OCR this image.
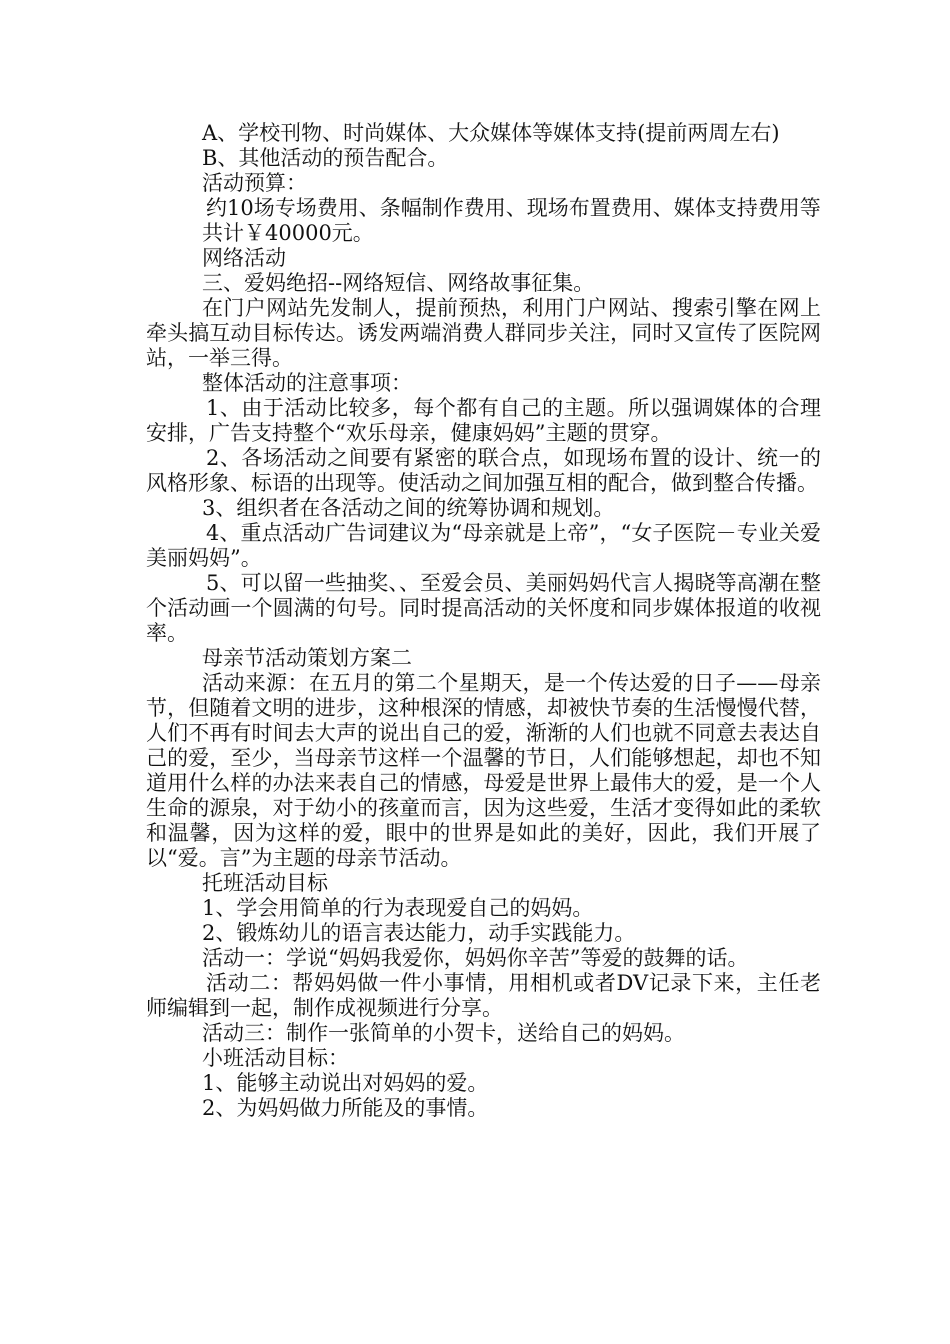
A、学校刊物、时尚媒体、大众媒体等媒体支持(提前两周左右)

B、其他活动的预告配合。

活动预算：

约10场专场费用、条幅制作费用、现场布置费用、媒体支持费用等

共计￥40000元。

网络活动

三、爱妈绝招--网络短信、网络故事征集。

在门户网站先发制人，提前预热，利用门户网站、搜索引擎在网上牵头搞互动目标传达。诱发两端消费人群同步关注，同时又宣传了医院网站，一举三得。

整体活动的注意事项：

1、由于活动比较多，每个都有自己的主题。所以强调媒体的合理安排，广告支持整个“欢乐母亲，健康妈妈”主题的贯穿。

2、各场活动之间要有紧密的联合点，如现场布置的设计、统一的风格形象、标语的出现等。使活动之间加强互相的配合，做到整合传播。

3、组织者在各活动之间的统筹协调和规划。

4、重点活动广告词建议为“母亲就是上帝”，“女子医院－专业关爱美丽妈妈”。

5、可以留一些抽奖、、至爱会员、美丽妈妈代言人揭晓等高潮在整个活动画一个圆满的句号。同时提高活动的关怀度和同步媒体报道的收视率。

母亲节活动策划方案二

活动来源：在五月的第二个星期天，是一个传达爱的日子——母亲节，但随着文明的进步，这种根深的情感，却被快节奏的生活慢慢代替，人们不再有时间去大声的说出自己的爱，渐渐的人们也就不同意去表达自己的爱，至少，当母亲节这样一个温馨的节日，人们能够想起，却也不知道用什么样的办法来表自己的情感，母爱是世界上最伟大的爱，是一个人生命的源泉，对于幼小的孩童而言，因为这些爱，生活才变得如此的柔软和温馨，因为这样的爱，眼中的世界是如此的美好，因此，我们开展了以“爱。言”为主题的母亲节活动。

托班活动目标

1、学会用简单的行为表现爱自己的妈妈。

2、锻炼幼儿的语言表达能力，动手实践能力。

活动一：学说“妈妈我爱你，妈妈你辛苦”等爱的鼓舞的话。

活动二：帮妈妈做一件小事情，用相机或者DV记录下来，主任老师编辑到一起，制作成视频进行分享。

活动三：制作一张简单的小贺卡，送给自己的妈妈。

小班活动目标：

1、能够主动说出对妈妈的爱。

2、为妈妈做力所能及的事情。
